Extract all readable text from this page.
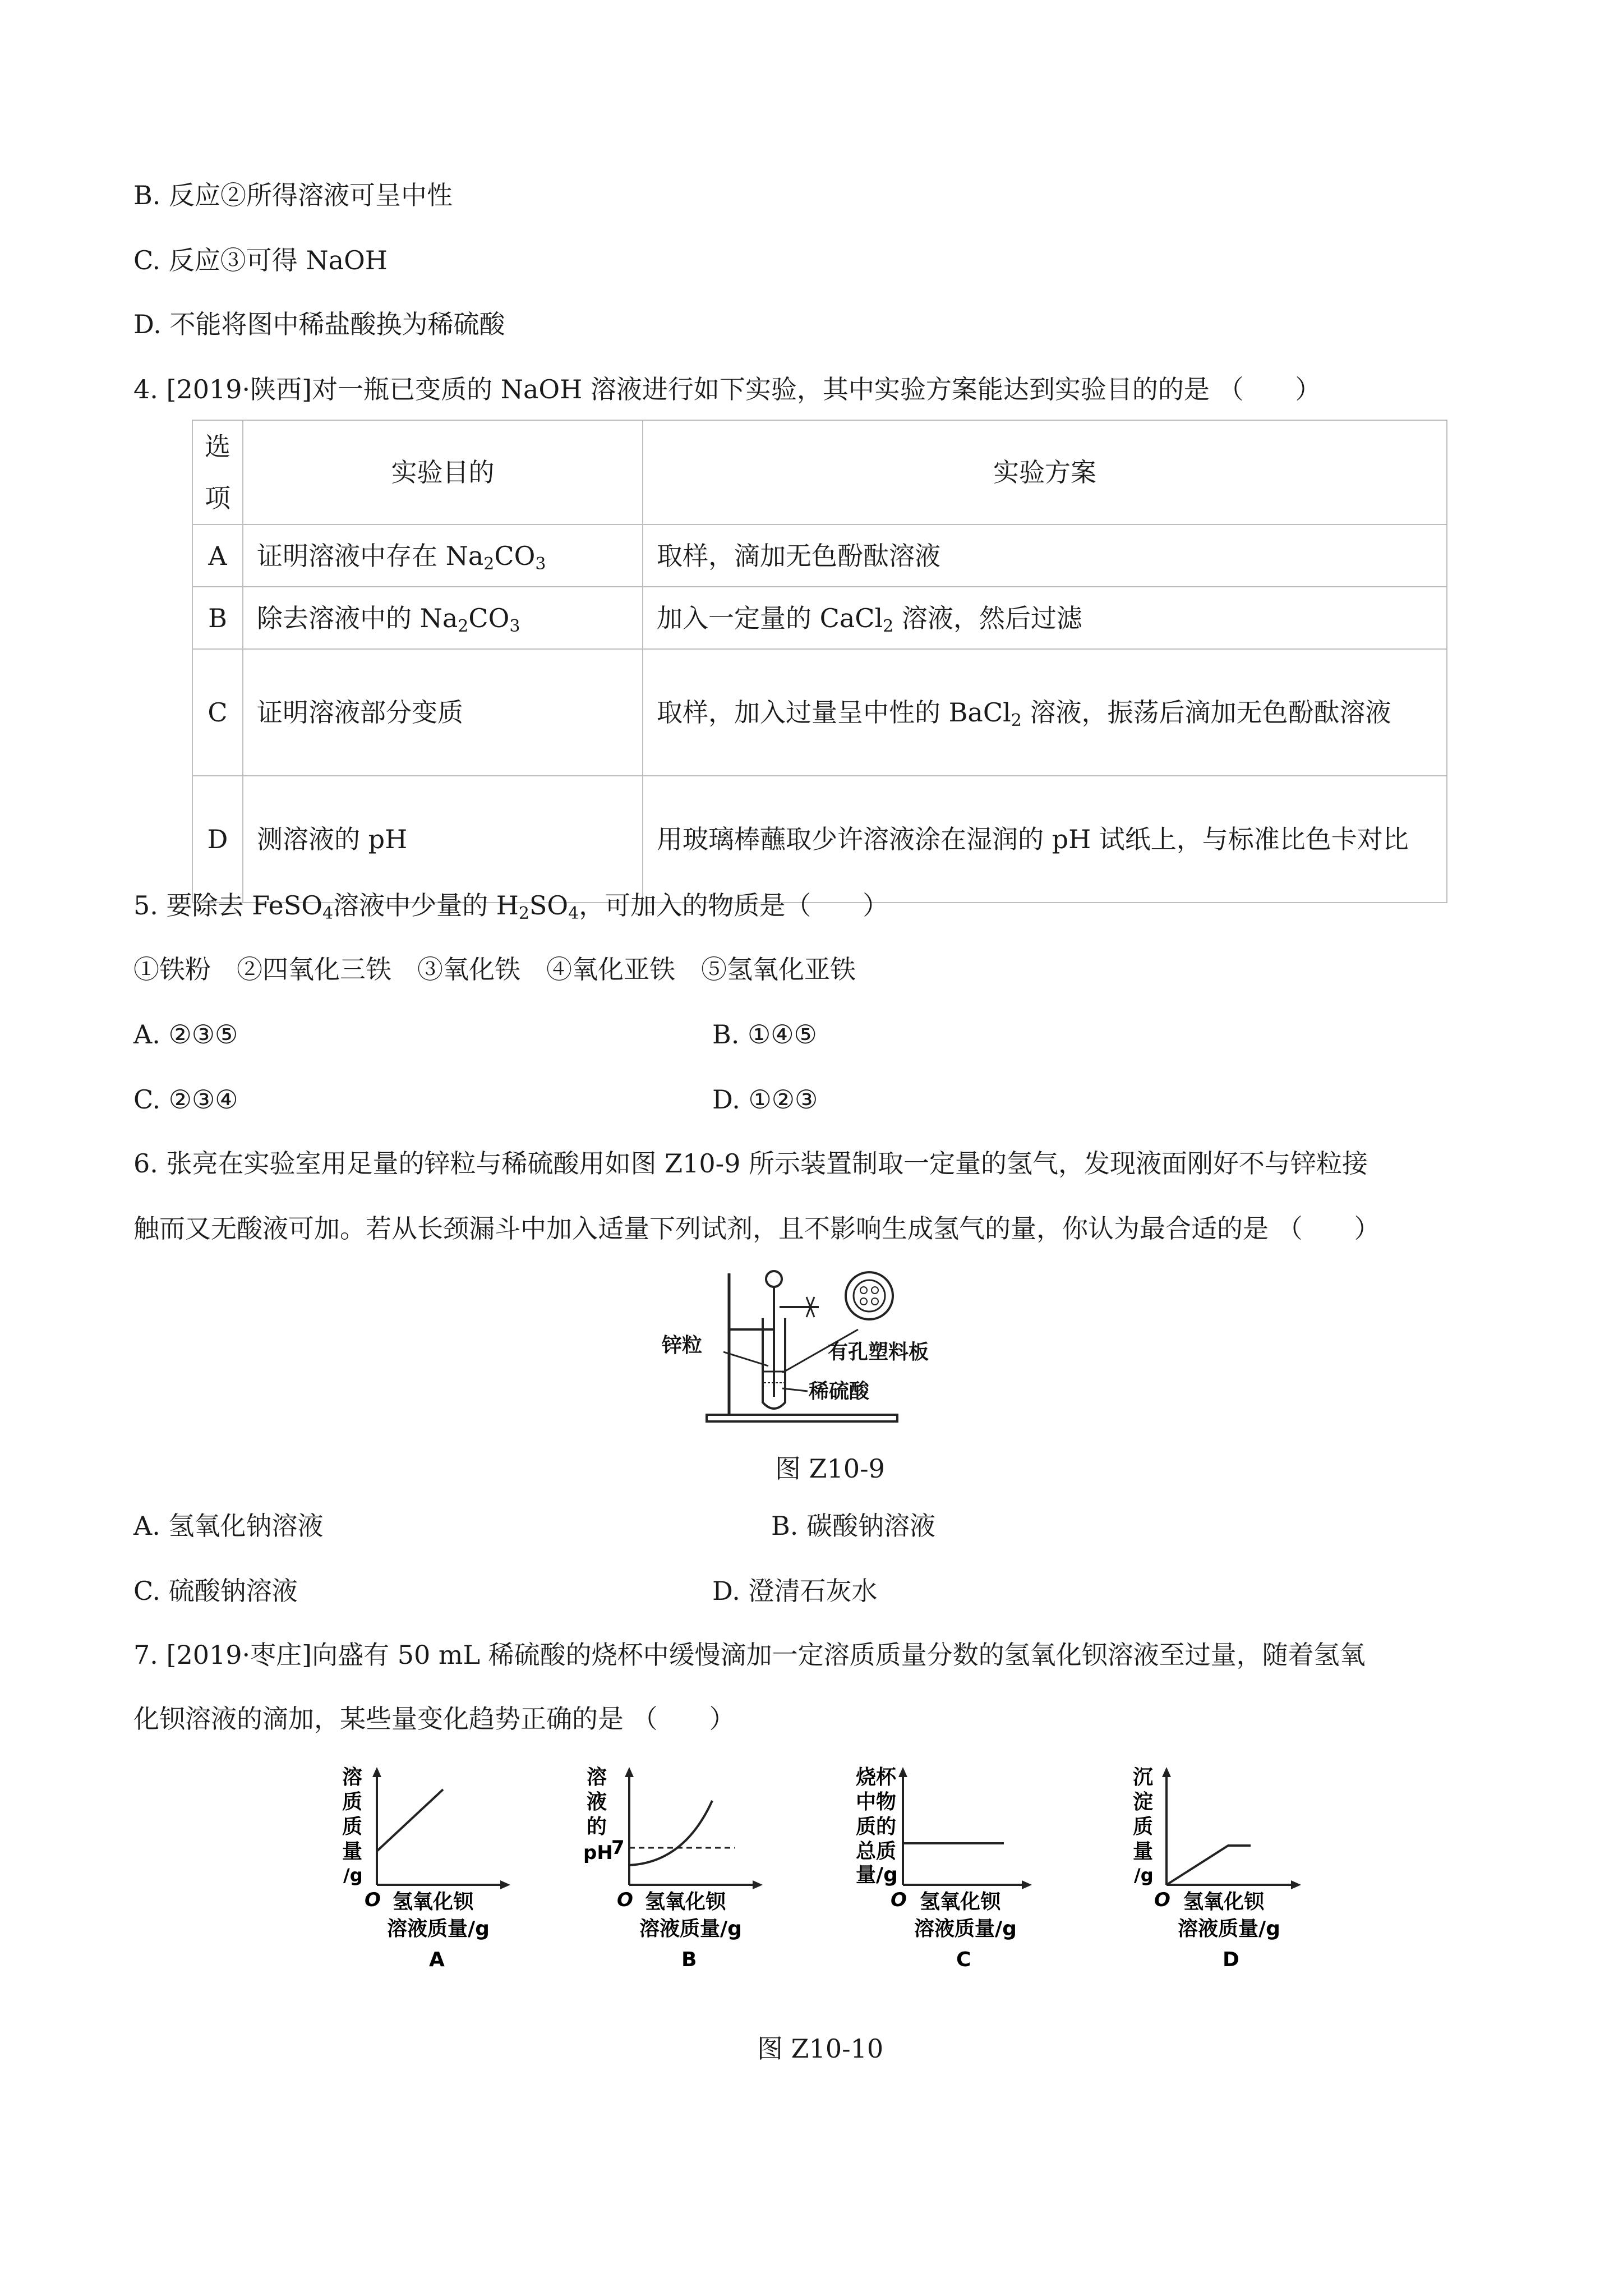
B. 反应②所得溶液可呈中性
C. 反应③可得 NaOH
D. 不能将图中稀盐酸换为稀硫酸
4. [2019·陕西]对一瓶已变质的 NaOH 溶液进行如下实验，其中实验方案能达到实验目的的是 （　　）
选项	实验目的	实验方案
A	证明溶液中存在 $Na_2CO_3$	取样，滴加无色酚酞溶液
B	除去溶液中的 $Na_2CO_3$	加入一定量的 CaCl$_2$ 溶液，然后过滤
C	证明溶液部分变质	取样，加入过量呈中性的 BaCl$_2$ 溶液，振荡后滴加无色酚酞溶液

D	测溶液的 pH	用玻璃棒蘸取少许溶液涂在湿润的 pH 试纸上，与标准比色卡对比
5. 要除去 FeSO$_4$溶液中少量的 $H_2SO_4$，可加入的物质是（　　）
①铁粉　②四氧化三铁　③氧化铁　④氧化亚铁　⑤氢氧化亚铁
A. ②③⑤	B. ①④⑤
C. ②③④	D. ①②③
6. 张亮在实验室用足量的锌粒与稀硫酸用如图 Z10-9 所示装置制取一定量的氢气，发现液面刚好不与锌粒接
触而又无酸液可加。若从长颈漏斗中加入适量下列试剂，且不影响生成氢气的量，你认为最合适的是 （　　）
锌粒	有孔塑料板
稀硫酸
图 Z10-9
A. 氢氧化钠溶液	B. 碳酸钠溶液
C. 硫酸钠溶液	D. 澄清石灰水
7. [2019·枣庄]向盛有 50 mL 稀硫酸的烧杯中缓慢滴加一定溶质质量分数的氢氧化钡溶液至过量，随着氢氧
化钡溶液的滴加，某些量变化趋势正确的是 （　　）
溶
质
质
量
/g
O 氢氧化钡
溶液质量/g
A
溶
液
的
pH
7
O 氢氧化钡
溶液质量/g
B
烧杯
中物
质的
总质
量/g
O 氢氧化钡
溶液质量/g
C
沉
淀
质
量
/g
O 氢氧化钡
溶液质量/g
D
图 Z10-10
